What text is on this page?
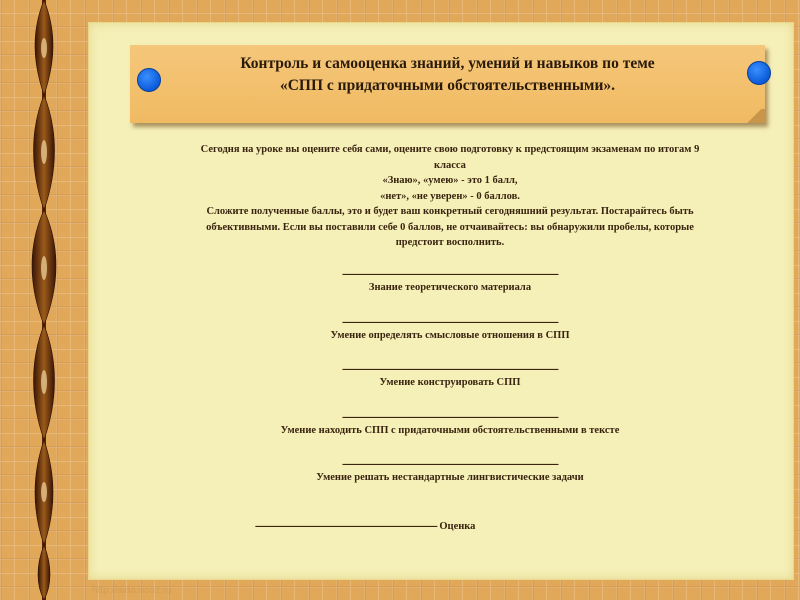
Контроль и самооценка знаний, умений и навыков по теме
«СПП с придаточными обстоятельственными».
Сегодня на уроке вы оцените себя сами, оцените свою подготовку к предстоящим экзаменам по итогам 9
класса
«Знаю», «умею» - это 1 балл,
«нет», «не уверен» - 0 баллов.
Сложите полученные баллы, это и будет ваш конкретный сегодняшний результат. Постарайтесь быть
объективными. Если вы поставили себе 0 баллов, не отчаивайтесь: вы обнаружили пробелы, которые
предстоит восполнить.
------------------------------------------------------------------------------------------------------------
Знание теоретического материала
------------------------------------------------------------------------------------------------------------
Умение определять смысловые отношения в СПП
------------------------------------------------------------------------------------------------------------
Умение конструировать СПП
------------------------------------------------------------------------------------------------------------
Умение находить СПП с придаточными обстоятельственными в тексте
------------------------------------------------------------------------------------------------------------
Умение решать нестандартные лингвистические задачи
------------------------------------------------------------------------------------------- Оценка
http://aida.ucoz.ru
